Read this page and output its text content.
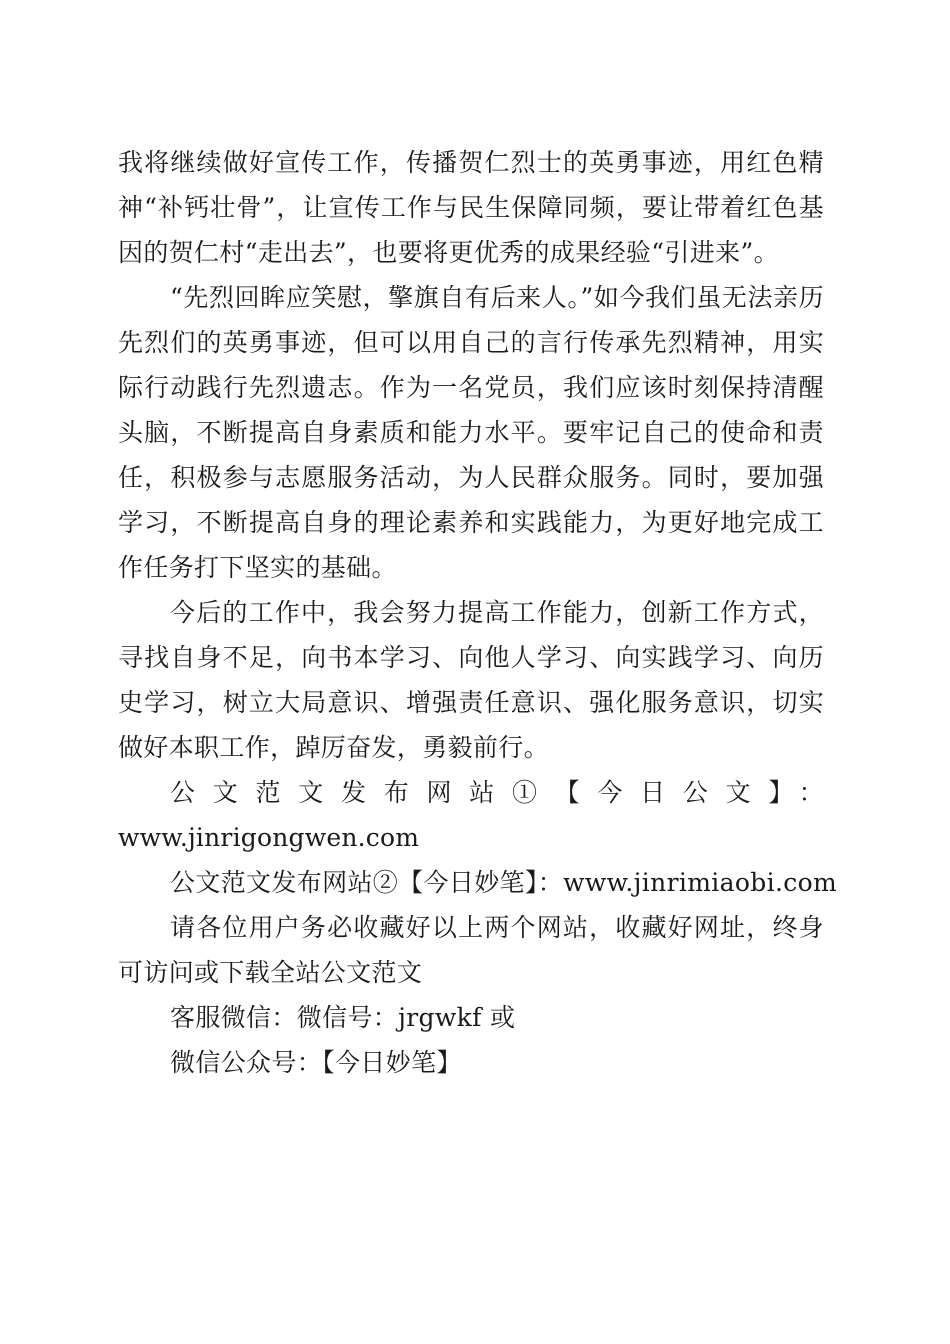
我将继续做好宣传工作，传播贺仁烈士的英勇事迹，用红色精神“补钙壮骨”，让宣传工作与民生保障同频，要让带着红色基因的贺仁村“走出去”，也要将更优秀的成果经验“引进来”。

“先烈回眸应笑慰，擎旗自有后来人。”如今我们虽无法亲历先烈们的英勇事迹，但可以用自己的言行传承先烈精神，用实际行动践行先烈遗志。作为一名党员，我们应该时刻保持清醒头脑，不断提高自身素质和能力水平。要牢记自己的使命和责任，积极参与志愿服务活动，为人民群众服务。同时，要加强学习，不断提高自身的理论素养和实践能力，为更好地完成工作任务打下坚实的基础。

今后的工作中，我会努力提高工作能力，创新工作方式，寻找自身不足，向书本学习、向他人学习、向实践学习、向历史学习，树立大局意识、增强责任意识、强化服务意识，切实做好本职工作，踔厉奋发，勇毅前行。

公文范文发布网站①【今日公文】：

www.jinrigongwen.com

公文范文发布网站②【今日妙笔】：www.jinrimiaobi.com

请各位用户务必收藏好以上两个网站，收藏好网址，终身可访问或下载全站公文范文

客服微信：微信号：jrgwkf 或

微信公众号：【今日妙笔】
